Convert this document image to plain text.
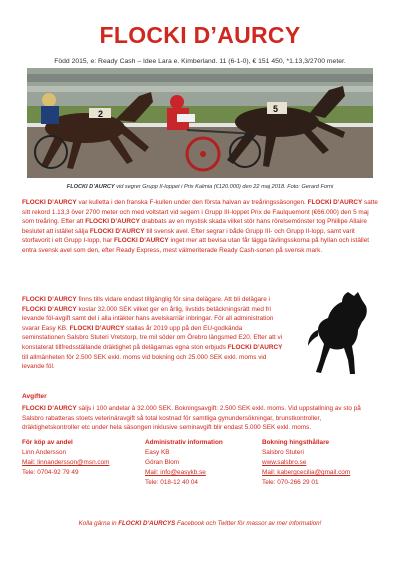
FLOCKI D’AURCY
Född 2015, e: Ready Cash – Idee Lara e. Kimberland. 11 (6-1-0), € 151 450, *1.13,3/2700 meter.
2	5
FLOCKI D’AURCY vid segrer Grupp II-loppet i Prix Kalmia (€120.000) den 22 maj 2018. Foto: Gerard Forni
FLOCKI D’AURCY var kulletta i den franska F-kullen under den första halvan av treåringssäsongen. FLOCKI D’AURCY satte sitt rekord 1.13,3 över 2700 meter och med voltstart vid segern i Grupp III-loppet Prix de Faulquemont (€66.000) den 5 maj som treåring. Efter att FLOCKI D’AURCY drabbats av en mystisk skada vilket stör hans rörelsemönster tog Phillipe Allaire beslutet att istället sälja FLOCKI D’AURCY till svensk avel. Efter segrar i både Grupp III- och Grupp II-lopp, samt varit storfavorit i ett Grupp I-lopp, har FLOCKI D’AURCY inget mer att bevisa utan får lägga tävlingsskorna på hyllan och istället entra svensk avel som den, efter Ready Express, mest välmeriterade Ready Cash-sonen på svensk mark.
FLOCKI D’AURCY finns tills vidare endast tillgänglig för sina delägare. Att bli delägare i FLOCKI D’AURCY kostar 32.000 SEK vilket ger en årlig, livstids betäckningsrätt med fri levande föl-avgift samt del i alla intäkter hans avelskarriär inbringar. För all administration svarar Easy KB. FLOCKI D’AURCY stallas år 2019 upp på den EU-godkända seminstationen Salsbro Stuteri Vretstorp, tre mil söder om Örebro längsmed E20. Efter att vi konstaterat tillfredsställande dräktighet på delägarnas egna ston erbjuds FLOCKI D’AURCY till allmänheten för 2.500 SEK exkl. moms vid bokning och 25.000 SEK exkl. moms vid levande föl.
Avgifter
FLOCKI D’AURCY säljs i 100 andelar à 32.000 SEK. Bokningsavgift: 2.500 SEK exkl. moms. Vid uppstallning av sto på Salsbro rabatteras stoets veterinäravgift så total kostnad för samtliga gynundersökningar, brunstkontroller, dräktighetskontroller etc under hela säsongen inklusive seminavgift blir endast 5.000 SEK exkl. moms.
För köp av andel
Linn Andersson
Mail: linnandersson@msn.com
Tele: 0704-92 79 49
Administrativ information
Easy KB
Göran Blom
Mail: info@easykb.se
Tele: 018-12 40 04
Bokning hingsthållare
Salsbro Stuteri
www.salsbro.se
Mail: kabergcecilia@gmail.com
Tele: 070-266 29 01
Kolla gärna in FLOCKI D’AURCYS Facebook och Twitter för massor av mer information!
